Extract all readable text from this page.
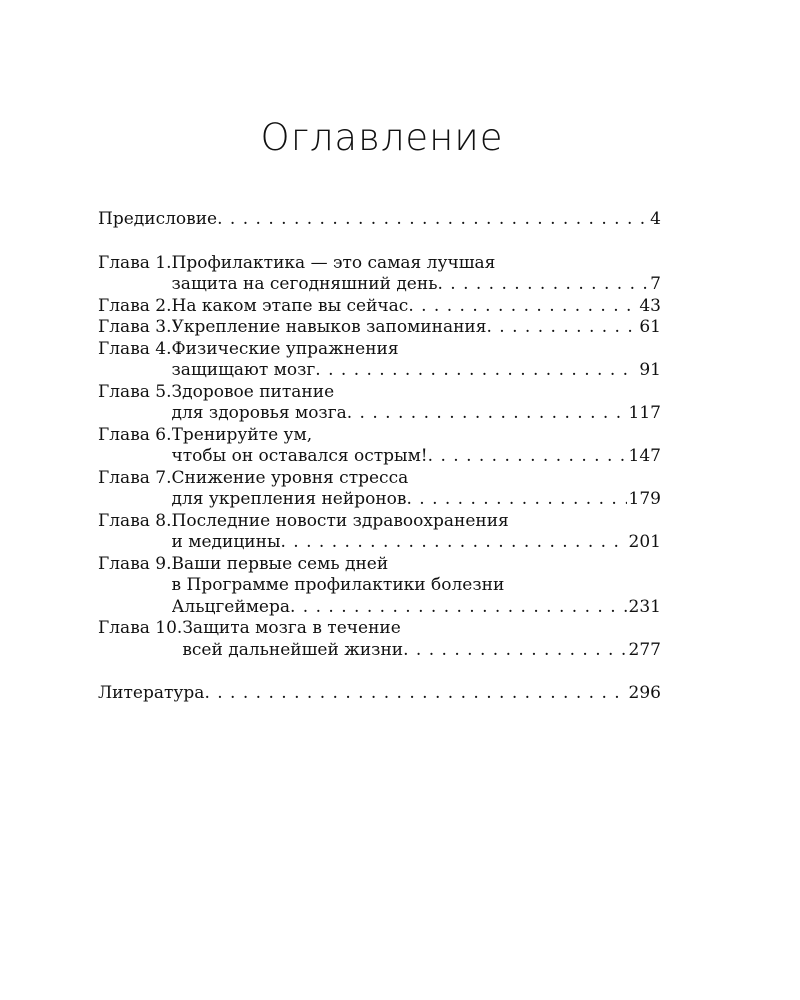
Оглавление
Предисловие . . .	4
Глава 1. Профилактика — это самая лучшая
защита на сегодняшний день . . .	7
Глава 2. На каком этапе вы сейчас . . .	43
Глава 3. Укрепление навыков запоминания . . .	61
Глава 4. Физические упражнения
защищают мозг . . .	91
Глава 5. Здоровое питание
для здоровья мозга . . .	117
Глава 6. Тренируйте ум,
чтобы он оставался острым! . . .	147
Глава 7. Снижение уровня стресса
для укрепления нейронов . . .	179
Глава 8. Последние новости здравоохранения
и медицины . . .	201
Глава 9. Ваши первые семь дней
в Программе профилактики болезни
Альцгеймера . . .	231
Глава 10. Защита мозга в течение
всей дальнейшей жизни . . .	277
Литература . . .	296
